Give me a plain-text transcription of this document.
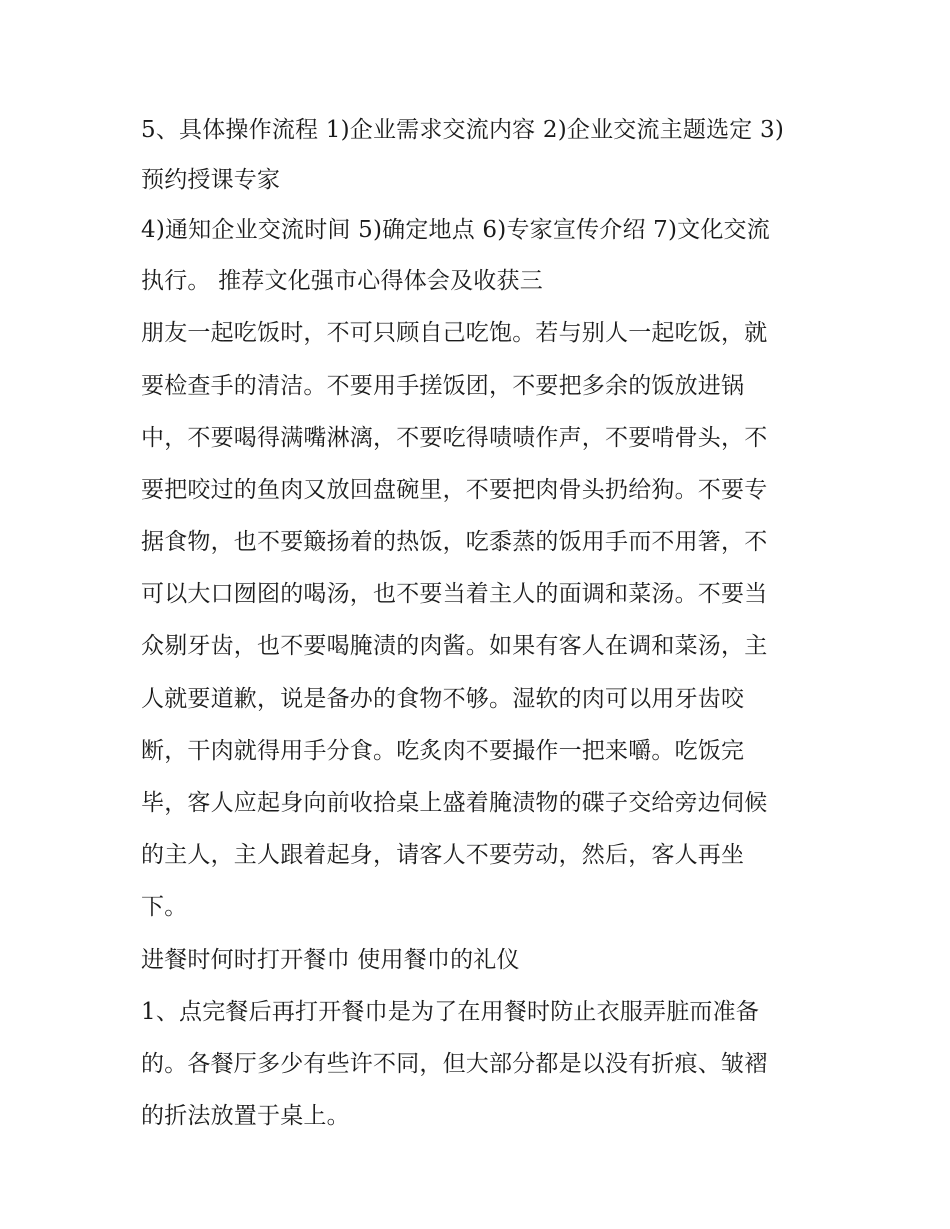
5、具体操作流程 1)企业需求交流内容 2)企业交流主题选定 3)
预约授课专家
4)通知企业交流时间 5)确定地点 6)专家宣传介绍 7)文化交流
执行。 推荐文化强市心得体会及收获三
朋友一起吃饭时，不可只顾自己吃饱。若与别人一起吃饭，就
要检查手的清洁。不要用手搓饭团，不要把多余的饭放进锅
中，不要喝得满嘴淋漓，不要吃得啧啧作声，不要啃骨头，不
要把咬过的鱼肉又放回盘碗里，不要把肉骨头扔给狗。不要专
据食物，也不要簸扬着的热饭，吃黍蒸的饭用手而不用箸，不
可以大口囫囵的喝汤，也不要当着主人的面调和菜汤。不要当
众剔牙齿，也不要喝腌渍的肉酱。如果有客人在调和菜汤，主
人就要道歉，说是备办的食物不够。湿软的肉可以用牙齿咬
断，干肉就得用手分食。吃炙肉不要撮作一把来嚼。吃饭完
毕，客人应起身向前收拾桌上盛着腌渍物的碟子交给旁边伺候
的主人，主人跟着起身，请客人不要劳动，然后，客人再坐
下。
进餐时何时打开餐巾 使用餐巾的礼仪
1、点完餐后再打开餐巾是为了在用餐时防止衣服弄脏而准备
的。各餐厅多少有些许不同，但大部分都是以没有折痕、皱褶
的折法放置于桌上。
